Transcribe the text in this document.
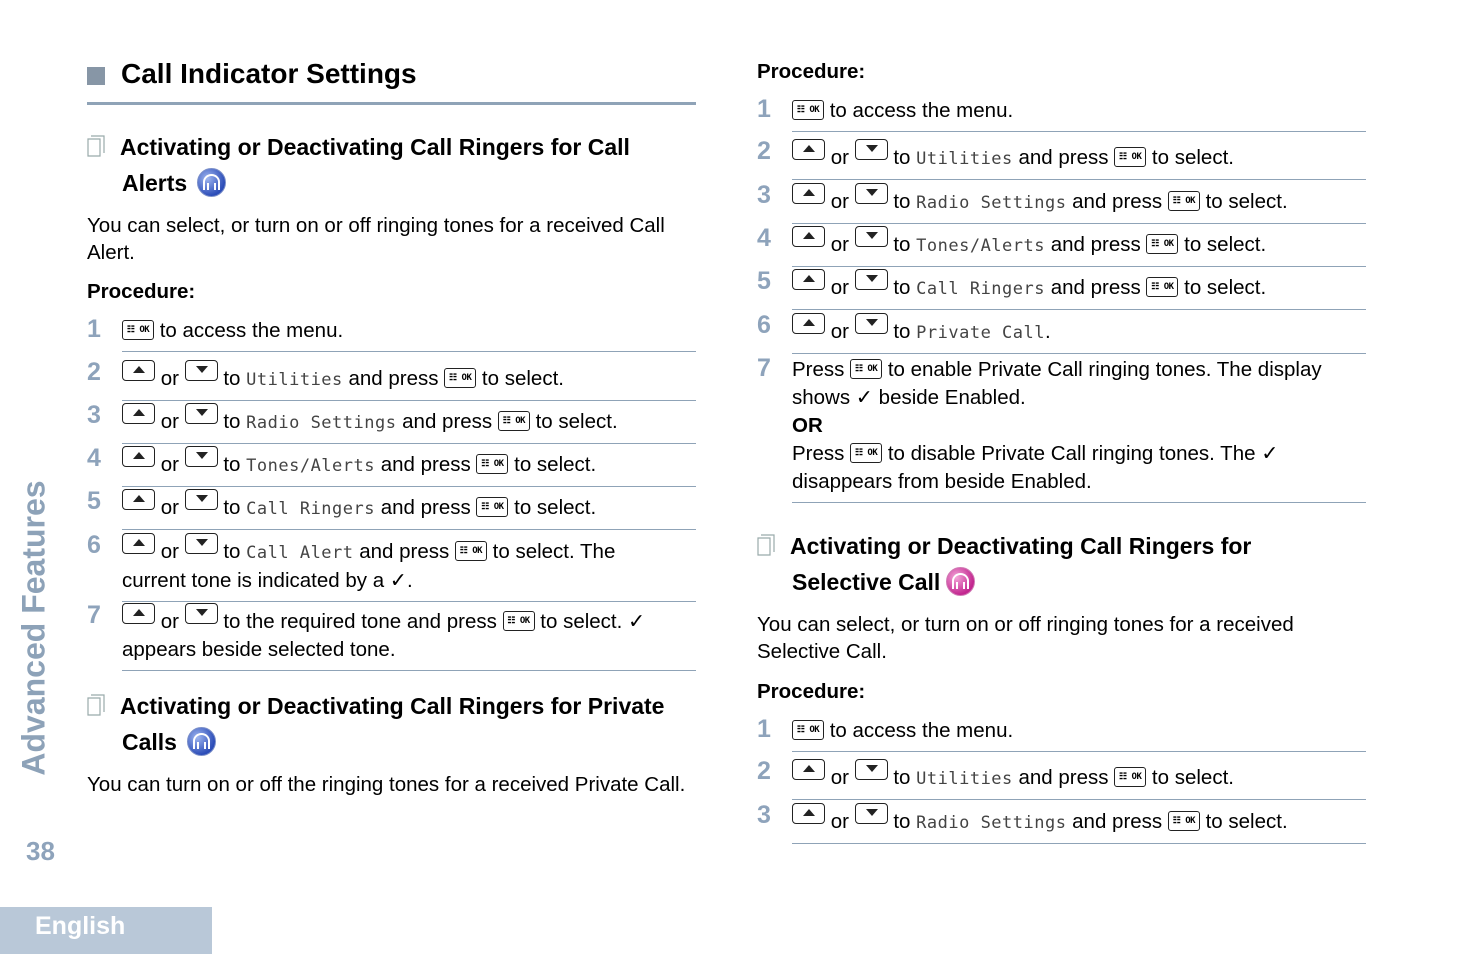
Call Indicator Settings
Activating or Deactivating Call Ringers for Call
Alerts
You can select, or turn on or off ringing tones for a received Call Alert.
Procedure:
1	☷ OK to access the menu.
2	or to Utilities and press ☷ OK to select.
3	or to Radio Settings and press ☷ OK to select.
4	or to Tones/Alerts and press ☷ OK to select.
5	or to Call Ringers and press ☷ OK to select.
6	or to Call Alert and press ☷ OK to select. The
current tone is indicated by a ✓.
7	or to the required tone and press ☷ OK to select. ✓
appears beside selected tone.
Activating or Deactivating Call Ringers for Private
Calls
You can turn on or off the ringing tones for a received Private Call.
Procedure:
1	☷ OK to access the menu.
2	or to Utilities and press ☷ OK to select.
3	or to Radio Settings and press ☷ OK to select.
4	or to Tones/Alerts and press ☷ OK to select.
5	or to Call Ringers and press ☷ OK to select.
6	or to Private Call.
7 Press ☷ OK to enable Private Call ringing tones. The display
shows ✓ beside Enabled.
OR
Press ☷ OK to disable Private Call ringing tones. The ✓
disappears from beside Enabled.
Activating or Deactivating Call Ringers for
Selective Call
You can select, or turn on or off ringing tones for a received Selective Call.
Procedure:
1	☷ OK to access the menu.
2	or to Utilities and press ☷ OK to select.
3	or to Radio Settings and press ☷ OK to select.
Advanced Features
38
English
